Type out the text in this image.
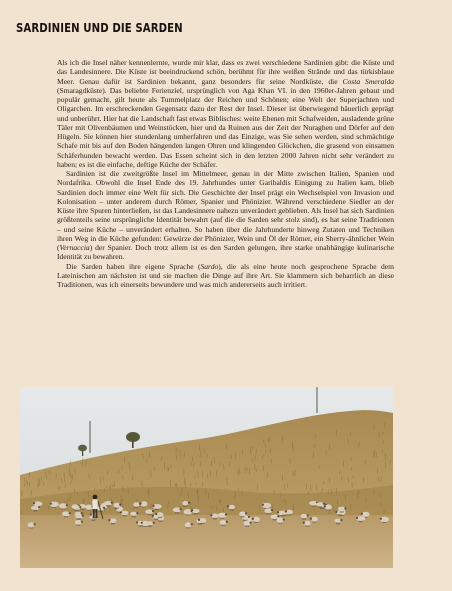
SARDINIEN UND DIE SARDEN

Als ich die Insel näher kennenlernte, wurde mir klar, dass es zwei verschiedene Sardinien gibt: die Küste und das Landesinnere. Die Küste ist beeindruckend schön, berühmt für ihre weißen Strände und das türkisblaue Meer. Genau dafür ist Sardinien bekannt, ganz besonders für seine Nordküste, die Costa Smeralda (Smaragdküste). Das beliebte Ferienziel, ursprünglich von Aga Khan VI. in den 1960er-Jahren gebaut und populär gemacht, gilt heute als Tummelplatz der Reichen und Schönen; eine Welt der Superjachten und Oligarchen. Im erschreckenden Gegensatz dazu der Rest der Insel. Dieser ist überwiegend bäuerlich geprägt und unberührt. Hier hat die Landschaft fast etwas Biblisches: weite Ebenen mit Schafweiden, ausladende grüne Täler mit Olivenbäumen und Weinstöcken, hier und da Ruinen aus der Zeit der Nuraghen und Dörfer auf den Hügeln. Sie können hier stundenlang umherfahren und das Einzige, was Sie sehen werden, sind schmächtige Schafe mit bis auf den Boden hängenden langen Ohren und klingenden Glöckchen, die grasend von einsamen Schäferhunden bewacht werden. Das Essen scheint sich in den letzten 2000 Jahren nicht sehr verändert zu haben; es ist die einfache, deftige Küche der Schäfer.

Sardinien ist die zweitgrößte Insel im Mittelmeer, genau in der Mitte zwischen Italien, Spanien und Nordafrika. Obwohl die Insel Ende des 19. Jahrhundes unter Garibaldis Einigung zu Italien kam, blieb Sardinien doch immer eine Welt für sich. Die Geschichte der Insel prägt ein Wechselspiel von Invasion und Kolonisation – unter anderem durch Römer, Spanier und Phönizier. Während verschiedene Siedler an der Küste ihre Spuren hinterließen, ist das Landesinnere nahezu unverändert geblieben. Als Insel hat sich Sardinien größtenteils seine ursprüngliche Identität bewahrt (auf die die Sarden sehr stolz sind), es hat seine Traditionen – und seine Küche – unverändert erhalten. So haben über die Jahrhunderte hinweg Zutaten und Techniken ihren Weg in die Küche gefunden: Gewürze der Phönizier, Wein und Öl der Römer, ein Sherry-ähnlicher Wein (Vernaccia) der Spanier. Doch trotz allem ist es den Sarden gelungen, ihre starke unabhängige kulinarische Identität zu bewahren.

Die Sarden haben ihre eigene Sprache (Sardo), die als eine heute noch gesprochene Sprache dem Lateinischen am nächsten ist und sie machen die Dinge auf ihre Art. Sie klammern sich beharrlich an diese Traditionen, was ich einerseits bewundere und was mich andererseits auch irritiert.
